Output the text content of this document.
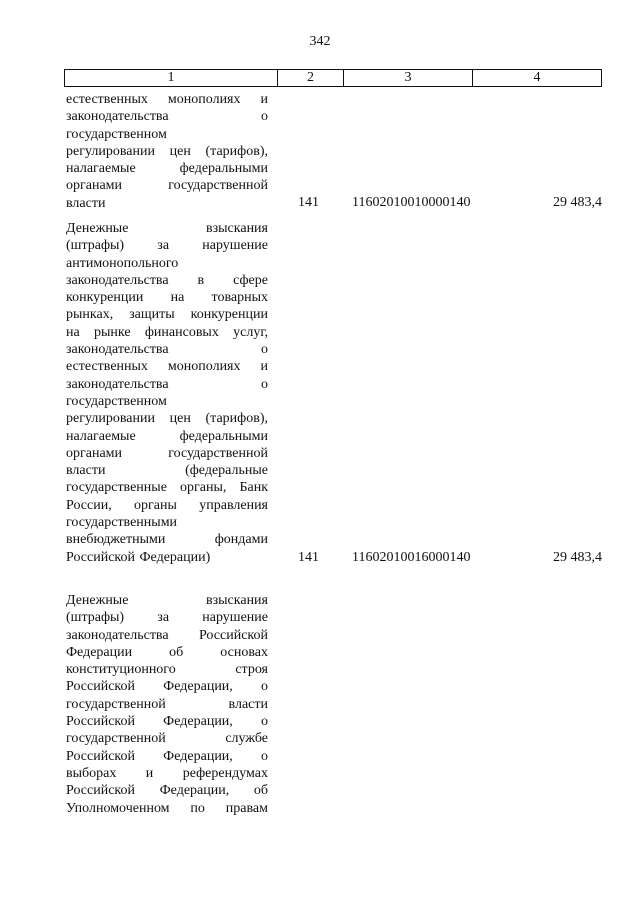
342
1	2	3	4
естественных монополиях и
законодательства о
государственном
регулировании цен (тарифов),
налагаемые федеральными
органами государственной
власти	141 11602010010000140	29 483,4
Денежные взыскания
(штрафы) за нарушение
антимонопольного
законодательства в сфере
конкуренции на товарных
рынках, защиты конкуренции
на рынке финансовых услуг,
законодательства о
естественных монополиях и
законодательства о
государственном
регулировании цен (тарифов),
налагаемые федеральными
органами государственной
власти (федеральные
государственные органы, Банк
России, органы управления
государственными
внебюджетными фондами
Российской Федерации)	141 11602010016000140	29 483,4
Денежные взыскания
(штрафы) за нарушение
законодательства Российской
Федерации об основах
конституционного строя
Российской Федерации, о
государственной власти
Российской Федерации, о
государственной службе
Российской Федерации, о
выборах и референдумах
Российской Федерации, об
Уполномоченном по правам
